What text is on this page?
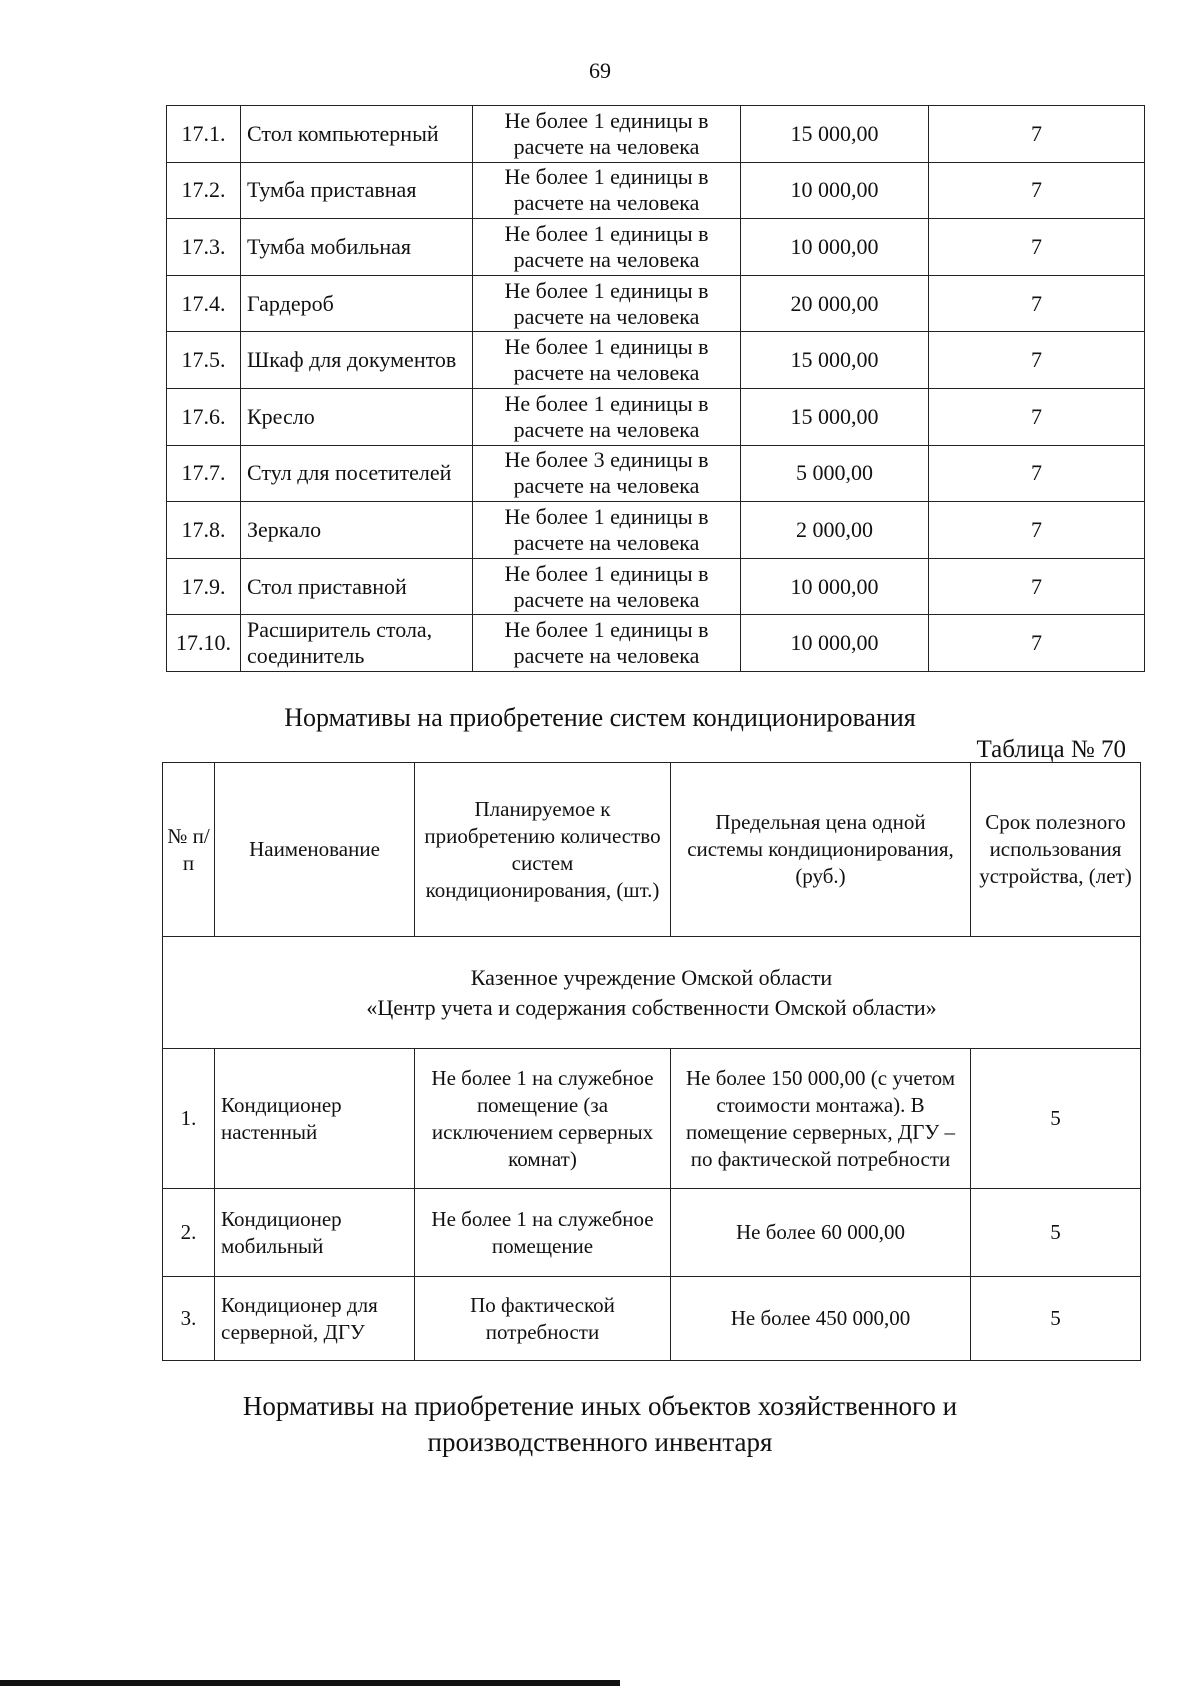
69
17.1.	Стол компьютерный	Не более 1 единицы в расчете на человека	15 000,00	7
17.2.	Тумба приставная	Не более 1 единицы в расчете на человека	10 000,00	7
17.3.	Тумба мобильная	Не более 1 единицы в расчете на человека	10 000,00	7
17.4.	Гардероб	Не более 1 единицы в расчете на человека	20 000,00	7
17.5.	Шкаф для документов	Не более 1 единицы в расчете на человека	15 000,00	7
17.6.	Кресло	Не более 1 единицы в расчете на человека	15 000,00	7
17.7.	Стул для посетителей	Не более 3 единицы в расчете на человека	5 000,00	7
17.8.	Зеркало	Не более 1 единицы в расчете на человека	2 000,00	7
17.9.	Стол приставной	Не более 1 единицы в расчете на человека	10 000,00	7
17.10.	Расширитель стола, соединитель	Не более 1 единицы в расчете на человека	10 000,00	7
Нормативы на приобретение систем кондиционирования
Таблица № 70
№ п/п	Наименование	Планируемое к приобретению количество систем кондиционирования, (шт.)	Предельная цена одной системы кондиционирования, (руб.)	Срок полезного использования устройства, (лет)

Казенное учреждение Омской области
«Центр учета и содержания собственности Омской области»				

1.	Кондиционер настенный	Не более 1 на служебное помещение (за исключением серверных комнат)	Не более 150 000,00 (с учетом стоимости монтажа). В помещение серверных, ДГУ – по фактической потребности	5
2.	Кондиционер мобильный	Не более 1 на служебное помещение	Не более 60 000,00	5
3.	Кондиционер для серверной, ДГУ	По фактической потребности	Не более 450 000,00	5
Нормативы на приобретение иных объектов хозяйственного и производственного инвентаря
